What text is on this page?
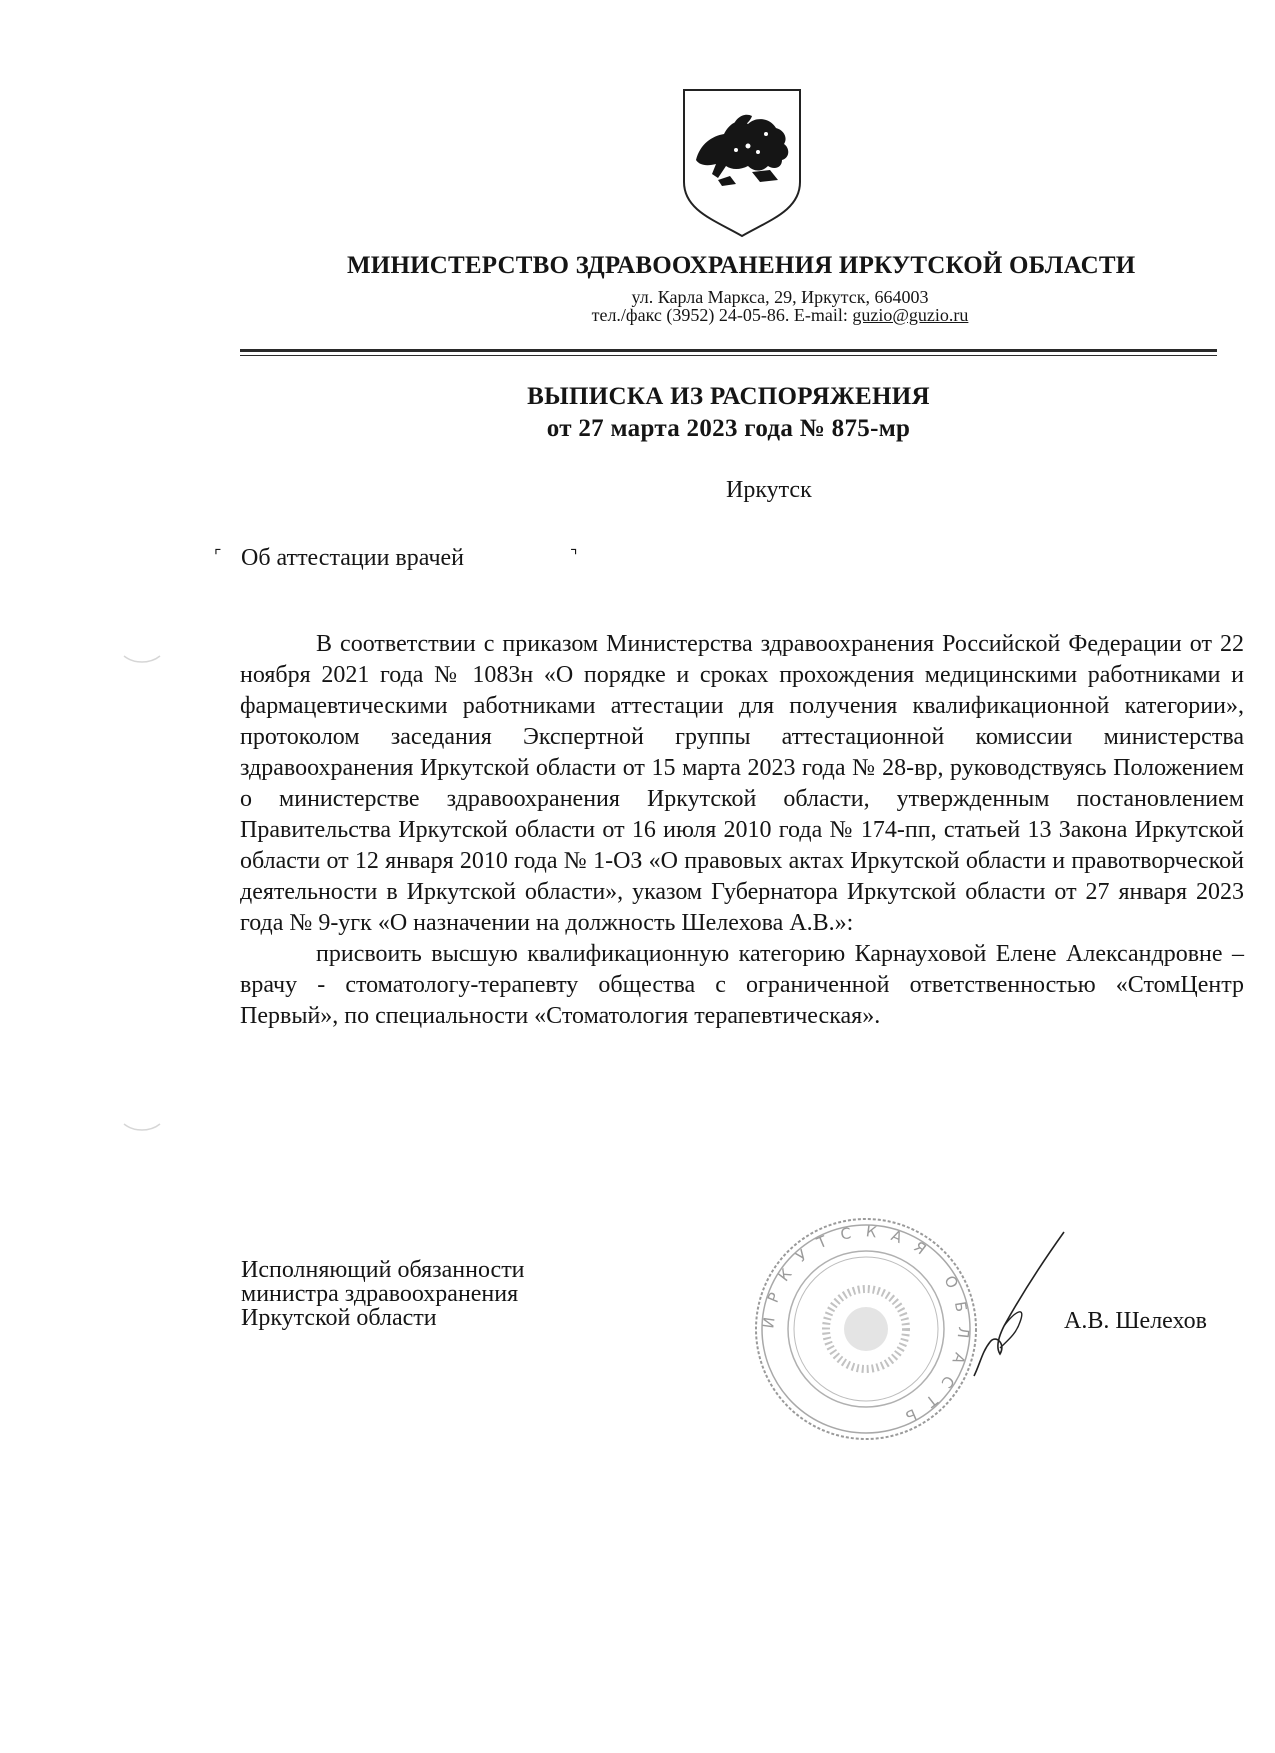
МИНИСТЕРСТВО ЗДРАВООХРАНЕНИЯ ИРКУТСКОЙ ОБЛАСТИ
ул. Карла Маркса, 29, Иркутск, 664003
тел./факс (3952) 24-05-86. E-mail: guzio@guzio.ru
ВЫПИСКА ИЗ РАСПОРЯЖЕНИЯ
от 27 марта 2023 года № 875-мр
Иркутск
⌜ Об аттестации врачей	⌝

В соответствии с приказом Министерства здравоохранения Российской Федерации от 22 ноября 2021 года № 1083н «О порядке и сроках прохождения медицинскими работниками и фармацевтическими работниками аттестации для получения квалификационной категории», протоколом заседания Экспертной группы аттестационной комиссии министерства здравоохранения Иркутской области от 15 марта 2023 года № 28-вр, руководствуясь Положением о министерстве здравоохранения Иркутской области, утвержденным постановлением Правительства Иркутской области от 16 июля 2010 года № 174-пп, статьей 13 Закона Иркутской области от 12 января 2010 года № 1-ОЗ «О правовых актах Иркутской области и правотворческой деятельности в Иркутской области», указом Губернатора Иркутской области от 27 января 2023 года № 9-угк «О назначении на должность Шелехова А.В.»:

присвоить высшую квалификационную категорию Карнауховой Елене Александровне – врачу - стоматологу-терапевту общества с ограниченной ответственностью «СтомЦентр Первый», по специальности «Стоматология терапевтическая».

Исполняющий обязанности
министра здравоохранения
Иркутской области	ИРКУТСКАЯ ОБЛАСТЬ
А.В. Шелехов
